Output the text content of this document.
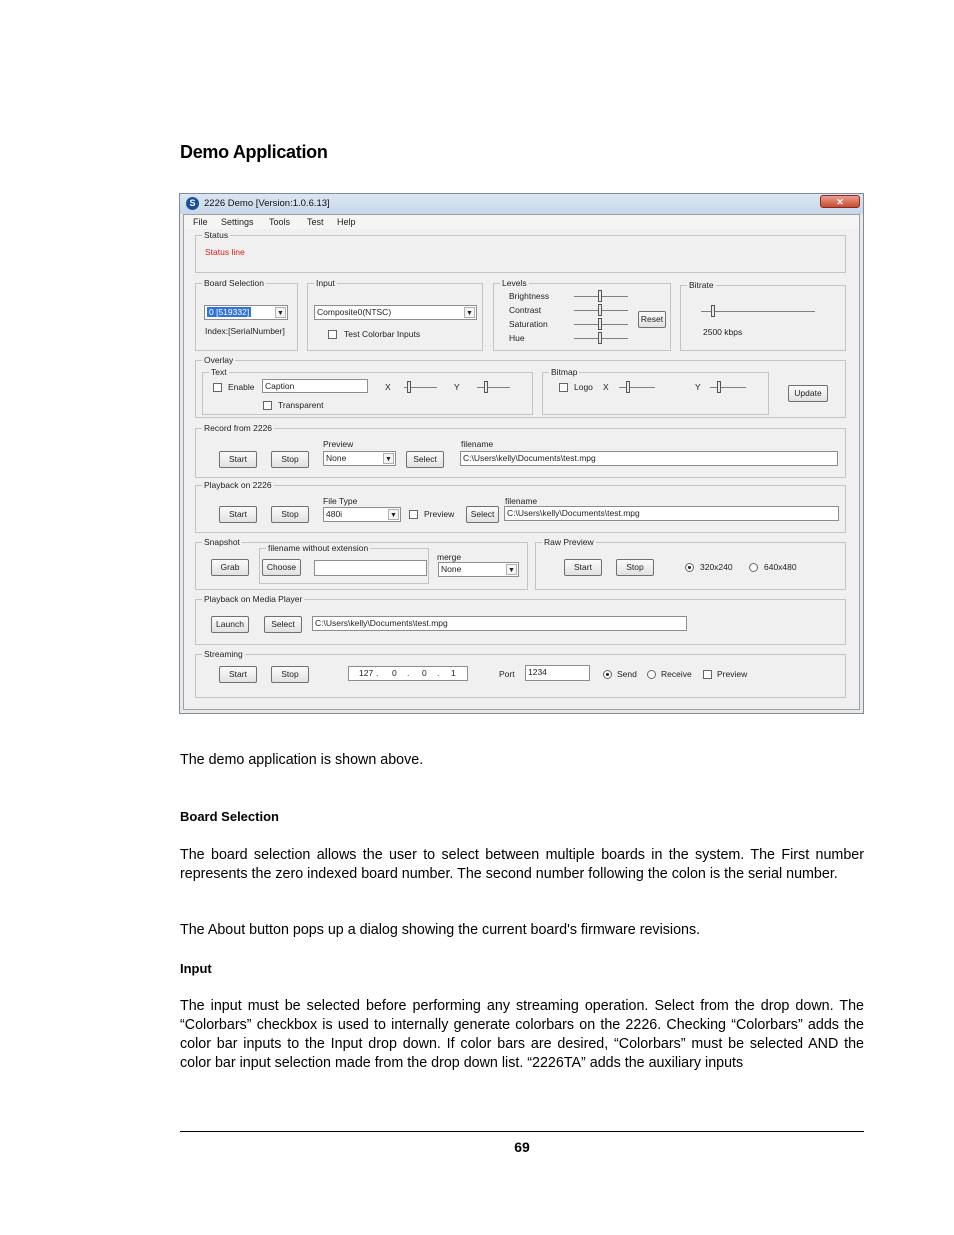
Demo Application
S 2226 Demo [Version:1.0.6.13]	✕
File Settings Tools Test Help
Status
Status line
Board Selection
0 [519332]	▼
Index:[SerialNumber]
Input
Composite0(NTSC)	▼
Test Colorbar Inputs
Levels
Brightness
Contrast
Saturation
Hue
Reset
Bitrate
2500 kbps
Overlay
Text
Enable	Caption	X	Y
Transparent
Bitmap
Logo X	Y
Update
Record from 2226
Start	Stop
Preview
None	▼	Select
filename
C:\Users\kelly\Documents\test.mpg
Playback on 2226
Start	Stop
File Type
480i	▼	Preview	Select
filename
C:\Users\kelly\Documents\test.mpg
Snapshot
Grab	Choose
filename without extension
merge
None	▼
Raw Preview
Start	Stop	320x240	640x480
Playback on Media Player
Launch	Select	C:\Users\kelly\Documents\test.mpg
Streaming
Start	Stop	127 . 0 . 0 . 1	Port	1234	Send	Receive	Preview
The demo application is shown above.
Board Selection
The board selection allows the user to select between multiple boards in the system. The First number represents the zero indexed board number. The second number following the colon is the serial number.
The About button pops up a dialog showing the current board's firmware revisions.
Input
The input must be selected before performing any streaming operation. Select from the drop down. The “Colorbars” checkbox is used to internally generate colorbars on the 2226. Checking “Colorbars” adds the color bar inputs to the Input drop down. If color bars are desired, “Colorbars” must be selected AND the color bar input selection made from the drop down list. “2226TA” adds the auxiliary inputs
69
